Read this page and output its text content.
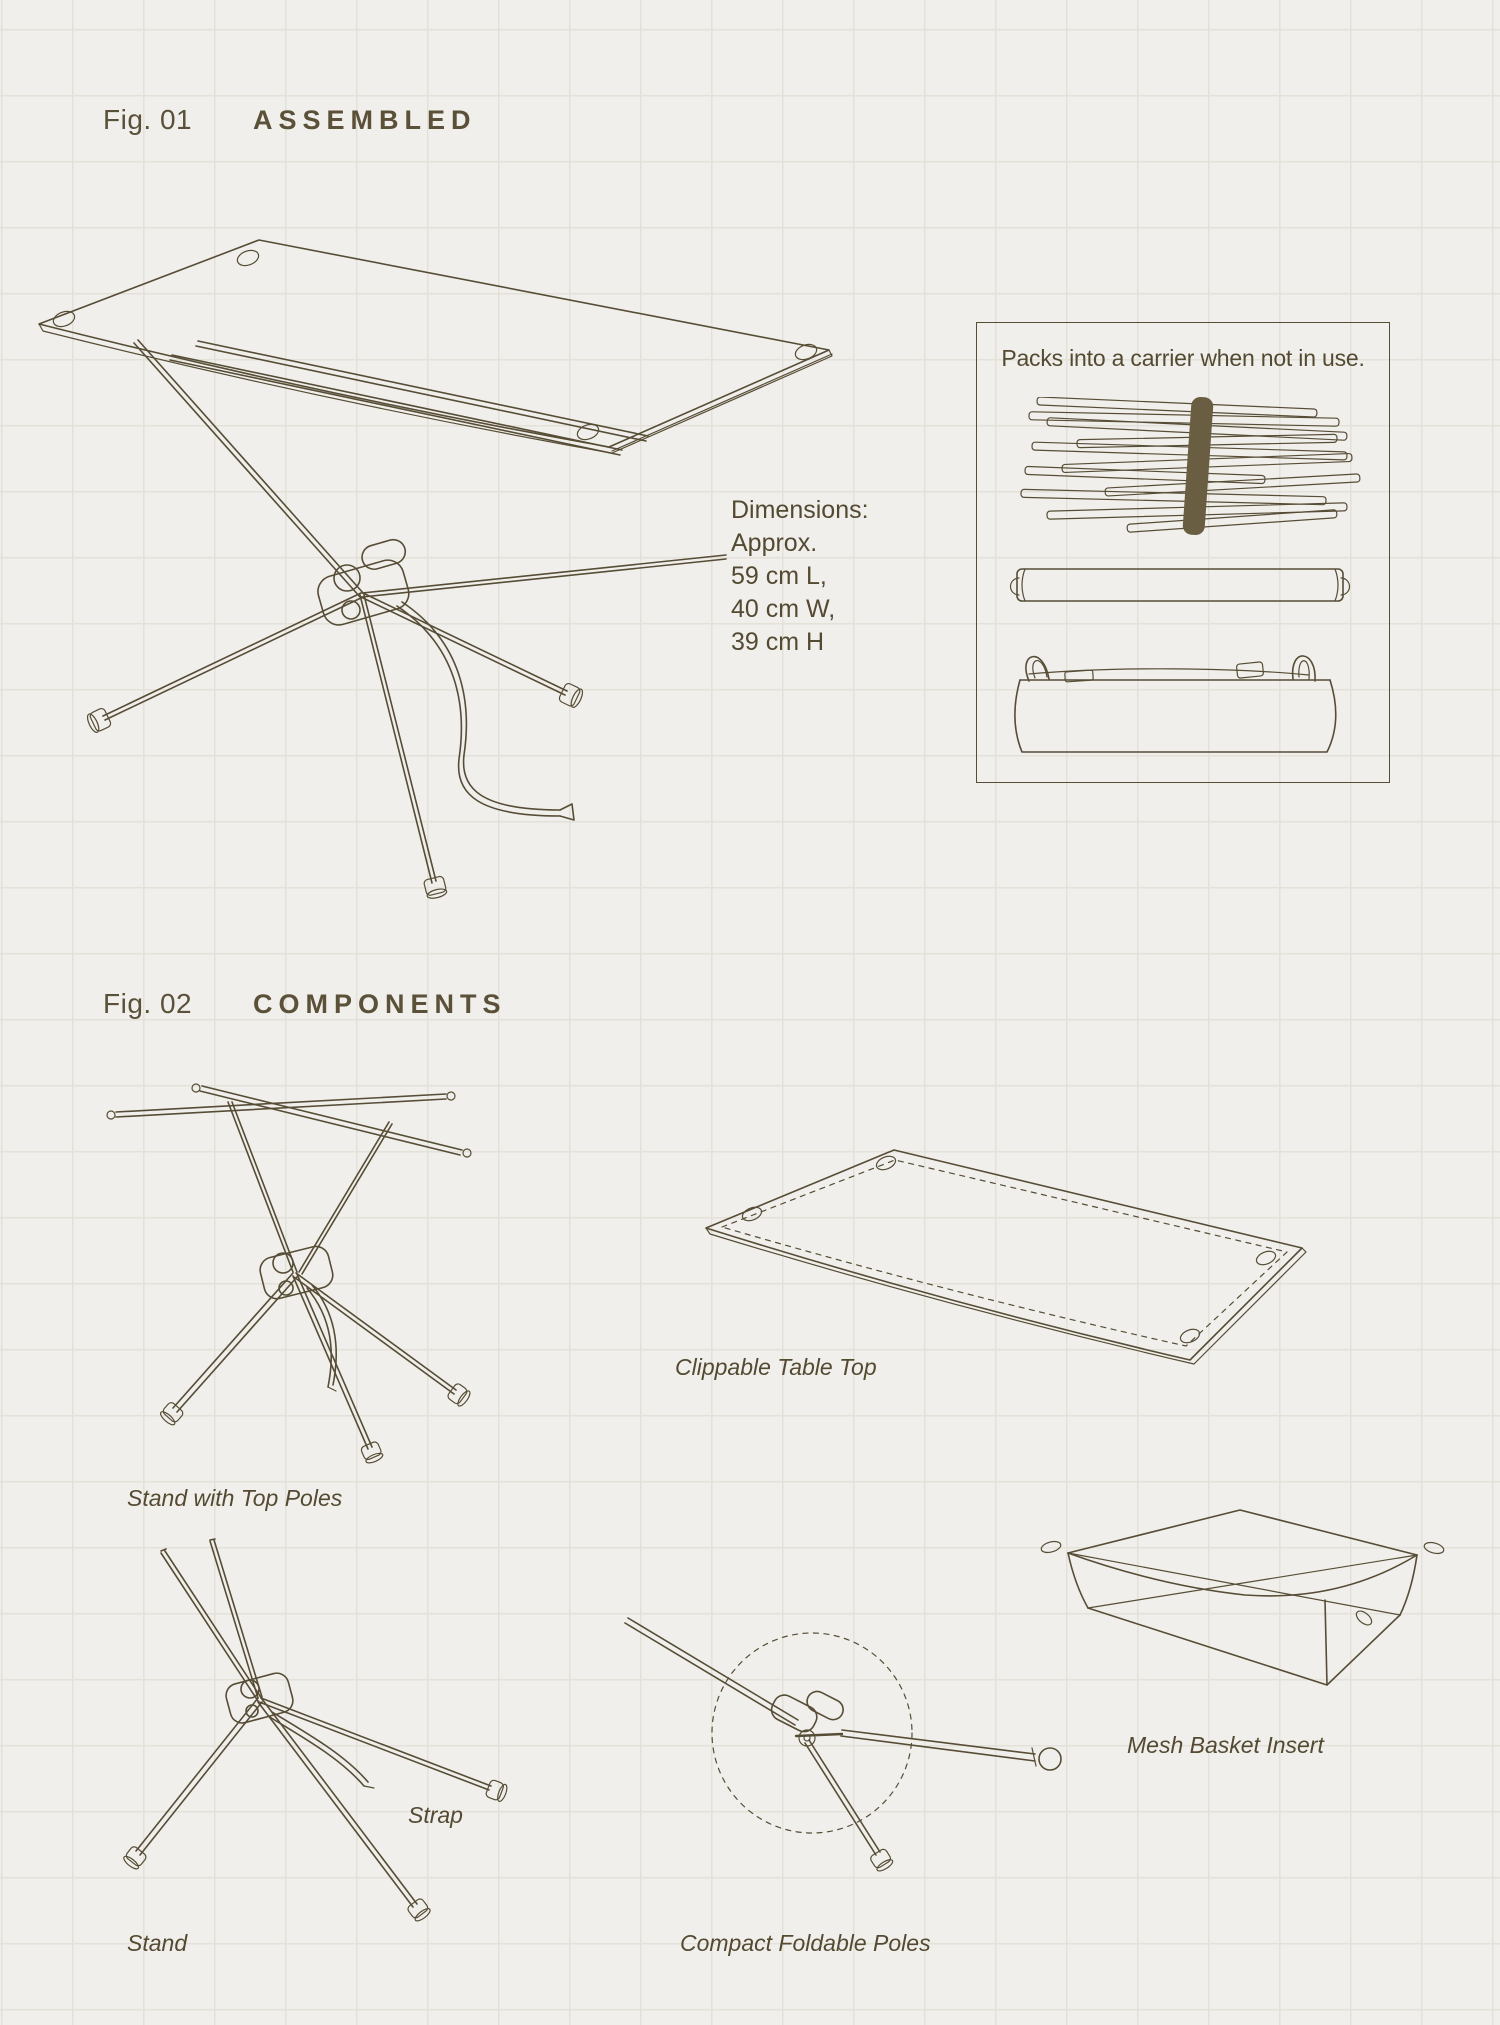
Fig. 01 ASSEMBLED
Dimensions:
Approx.
59 cm L,
40 cm W,
39 cm H
Packs into a carrier when not in use.
Fig. 02 COMPONENTS
Stand with Top Poles
Clippable Table Top
Mesh Basket Insert
Strap
Stand	Compact Foldable Poles
